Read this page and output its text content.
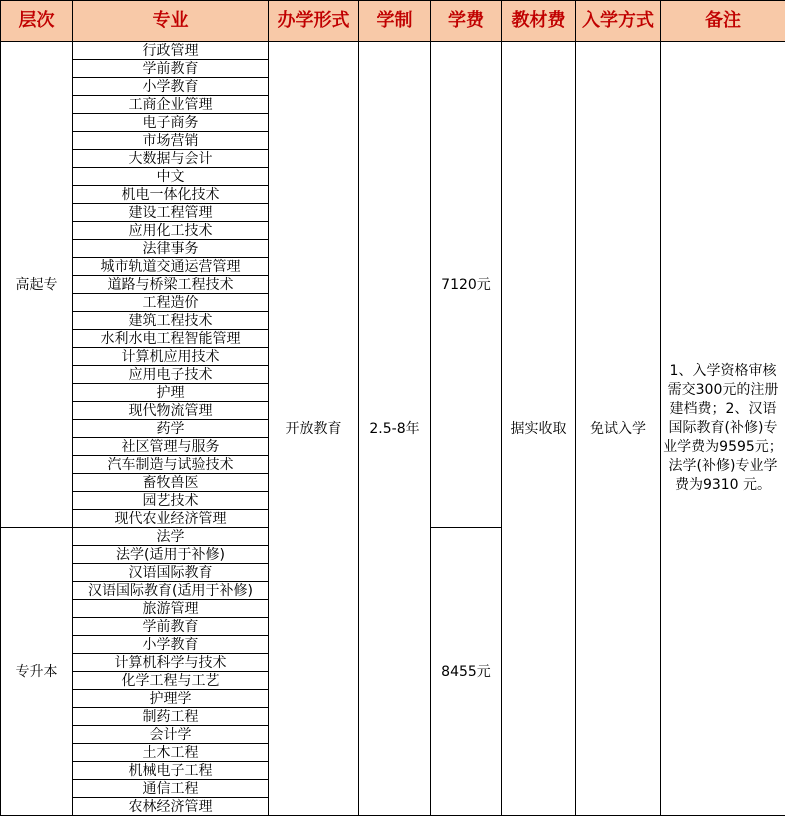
层次	专业	办学形式	学制	学费	教材费	入学方式	备注
高起专	行政管理	开放教育	2.5-8年	7120元	据实收取	免试入学	1、入学资格审核需交300元的注册建档费；2、汉语国际教育(补修)专业学费为9595元；法学(补修)专业学费为9310 元。
	学前教育						
	小学教育						
	工商企业管理						
	电子商务						
	市场营销						
	大数据与会计						
	中文						
	机电一体化技术						
	建设工程管理						
	应用化工技术						
	法律事务						
	城市轨道交通运营管理						
	道路与桥梁工程技术						
	工程造价						
	建筑工程技术						
	水利水电工程智能管理						
	计算机应用技术						
	应用电子技术						
	护理						
	现代物流管理						
	药学						
	社区管理与服务						
	汽车制造与试验技术						
	畜牧兽医						
	园艺技术						
	现代农业经济管理						
专升本	法学			8455元			
	法学(适用于补修)						
	汉语国际教育						
	汉语国际教育(适用于补修)						
	旅游管理						
	学前教育						
	小学教育						
	计算机科学与技术						
	化学工程与工艺						
	护理学						
	制药工程						
	会计学						
	土木工程						
	机械电子工程						
	通信工程						
	农林经济管理						
